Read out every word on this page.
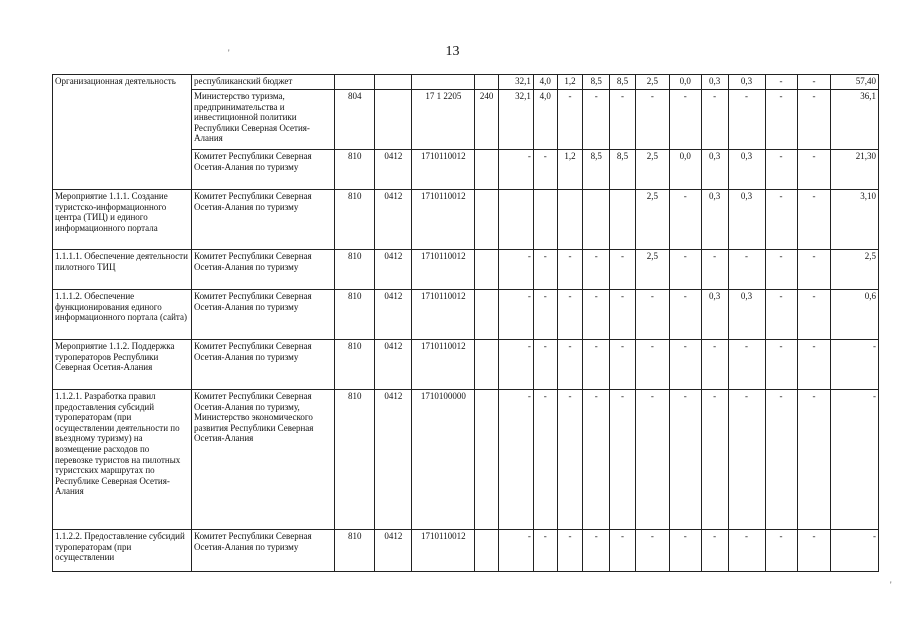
13
'
'
Организационная деятельность	республиканский бюджет					32,1	4,0	1,2	8,5	8,5	2,5	0,0	0,3	0,3	-	-	57,40
	Министерство туризма, предпринимательства и инвестиционной политики Республики Северная Осетия-Алания	804		17 1 2205	240	32,1	4,0	-	-	-	-	-	-	-	-	-	36,1
	Комитет Республики Северная Осетия-Алания по туризму	810	0412	1710110012		-	-	1,2	8,5	8,5	2,5	0,0	0,3	0,3	-	-	21,30
Мероприятие 1.1.1. Создание туристско-информационного центра (ТИЦ) и единого информационного портала	Комитет Республики Северная Осетия-Алания по туризму	810	0412	1710110012							2,5	-	0,3	0,3	-	-	3,10
1.1.1.1. Обеспечение деятельности пилотного ТИЦ	Комитет Республики Северная Осетия-Алания по туризму	810	0412	1710110012		-	-	-	-	-	2,5	-	-	-	-	-	2,5
1.1.1.2. Обеспечение функционирования единого информационного портала (сайта)	Комитет Республики Северная Осетия-Алания по туризму	810	0412	1710110012		-	-	-	-	-	-	-	0,3	0,3	-	-	0,6
Мероприятие 1.1.2. Поддержка туроператоров Республики Северная Осетия-Алания	Комитет Республики Северная Осетия-Алания по туризму	810	0412	1710110012		-	-	-	-	-	-	-	-	-	-	-	-
1.1.2.1. Разработка правил предоставления субсидий туроператорам (при осуществлении деятельности по въездному туризму) на возмещение расходов по перевозке туристов на пилотных туристских маршрутах по Республике Северная Осетия-Алания	Комитет Республики Северная Осетия-Алания по туризму, Министерство экономического развития Республики Северная Осетия-Алания	810	0412	1710100000		-	-	-	-	-	-	-	-	-	-	-	-
1.1.2.2. Предоставление субсидий туроператорам (при осуществлении	Комитет Республики Северная Осетия-Алания по туризму	810	0412	1710110012		-	-	-	-	-	-	-	-	-	-	-	-
